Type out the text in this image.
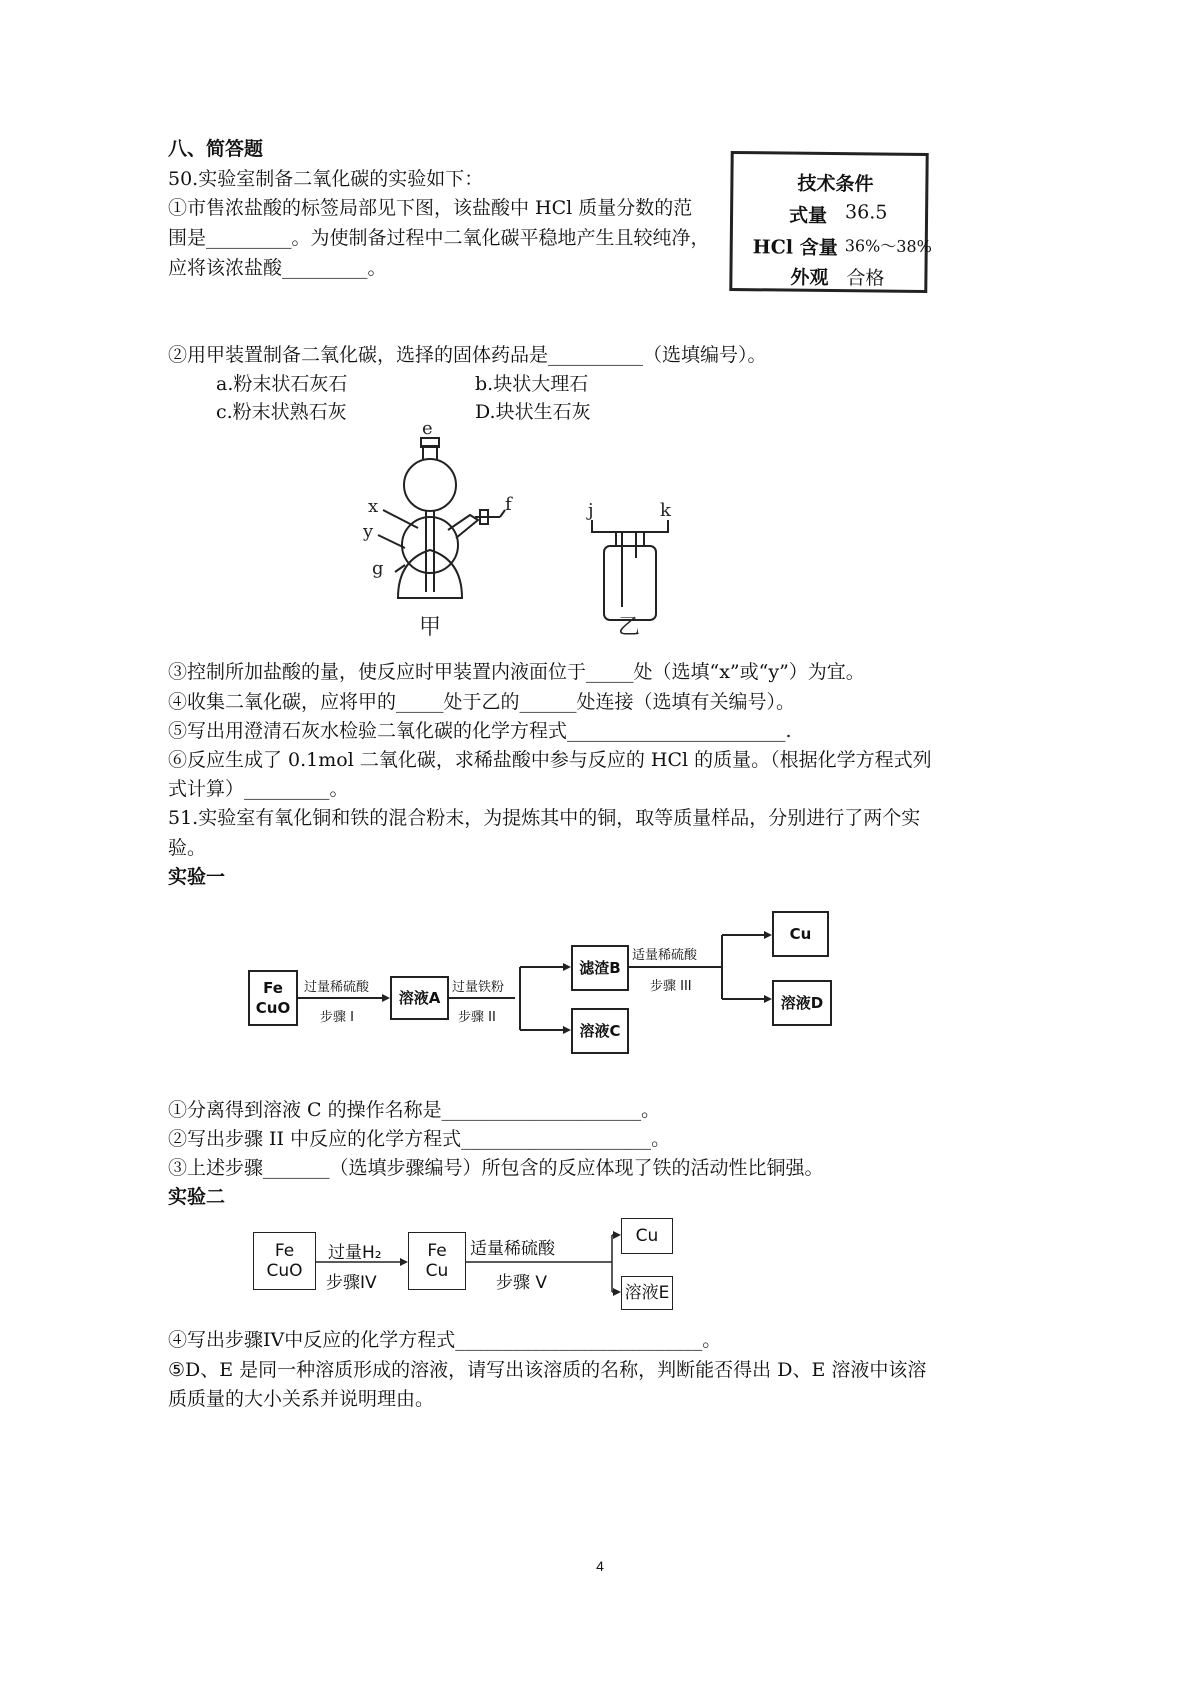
八、简答题
50.实验室制备二氧化碳的实验如下：
①市售浓盐酸的标签局部见下图，该盐酸中 HCl 质量分数的范
围是_________。为使制备过程中二氧化碳平稳地产生且较纯净，
应将该浓盐酸_________。
技术条件
式量 36.5
HCl 含量 36%～38%
外观 合格
②用甲装置制备二氧化碳，选择的固体药品是__________（选填编号）。
a.粉末状石灰石	b.块状大理石
c.粉末状熟石灰	D.块状生石灰
e
x
y
f
g
j	k
甲	乙
③控制所加盐酸的量，使反应时甲装置内液面位于_____处（选填“x”或“y”）为宜。
④收集二氧化碳，应将甲的_____处于乙的______处连接（选填有关编号）。
⑤写出用澄清石灰水检验二氧化碳的化学方程式_______________________.
⑥反应生成了 0.1mol 二氧化碳，求稀盐酸中参与反应的 HCl 的质量。（根据化学方程式列
式计算）_________。
51.实验室有氧化铜和铁的混合粉末，为提炼其中的铜，取等质量样品，分别进行了两个实
验。
实验一
Fe
CuO
过量稀硫酸
步骤 I
溶液A
过量铁粉
步骤 II
滤渣B
溶液C
适量稀硫酸
步骤 III
Cu
溶液D
①分离得到溶液 C 的操作名称是_____________________。
②写出步骤 II 中反应的化学方程式____________________。
③上述步骤_______（选填步骤编号）所包含的反应体现了铁的活动性比铜强。
实验二
Fe
CuO
过量H₂
步骤IV
Fe
Cu
适量稀硫酸
步骤 V
Cu
溶液E
④写出步骤IV中反应的化学方程式__________________________。
⑤D、E 是同一种溶质形成的溶液，请写出该溶质的名称，判断能否得出 D、E 溶液中该溶
质质量的大小关系并说明理由。
4
